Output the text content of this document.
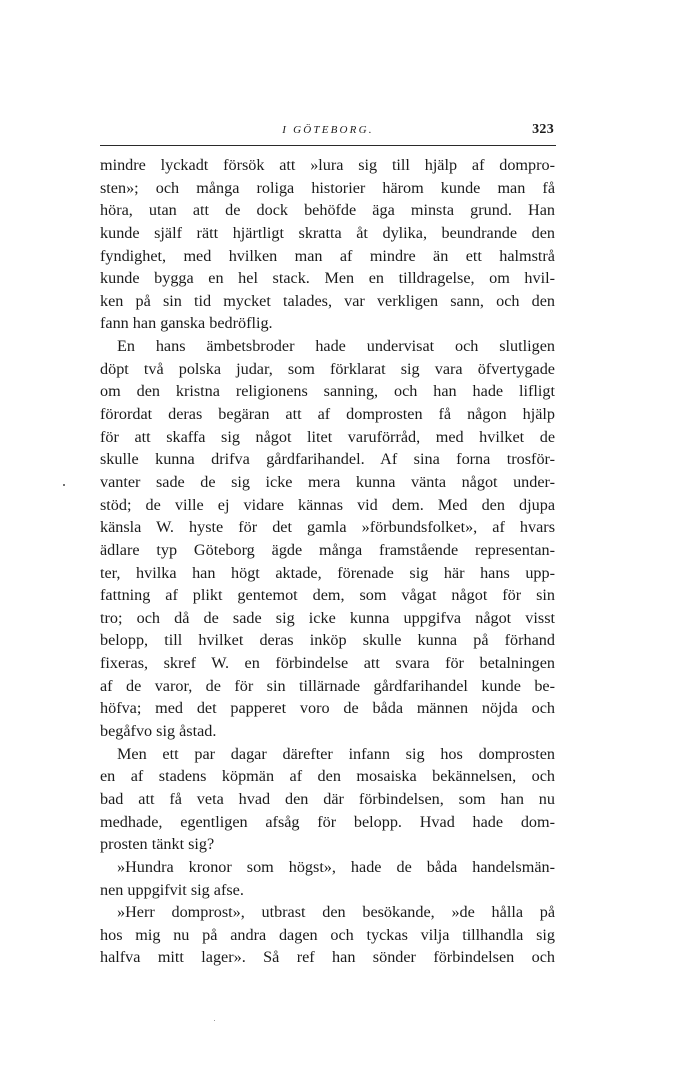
I GÖTEBORG.	323
mindre lyckadt försök att »lura sig till hjälp af dompro-
sten»; och många roliga historier härom kunde man få
höra, utan att de dock behöfde äga minsta grund. Han
kunde själf rätt hjärtligt skratta åt dylika, beundrande den
fyndighet, med hvilken man af mindre än ett halmstrå
kunde bygga en hel stack. Men en tilldragelse, om hvil-
ken på sin tid mycket talades, var verkligen sann, och den
fann han ganska bedröflig.
En hans ämbetsbroder hade undervisat och slutligen
döpt två polska judar, som förklarat sig vara öfvertygade
om den kristna religionens sanning, och han hade lifligt
förordat deras begäran att af domprosten få någon hjälp
för att skaffa sig något litet varuförråd, med hvilket de
skulle kunna drifva gårdfarihandel. Af sina forna trosför-
vanter sade de sig icke mera kunna vänta något under-
stöd; de ville ej vidare kännas vid dem. Med den djupa
känsla W. hyste för det gamla »förbundsfolket», af hvars
ädlare typ Göteborg ägde många framstående representan-
ter, hvilka han högt aktade, förenade sig här hans upp-
fattning af plikt gentemot dem, som vågat något för sin
tro; och då de sade sig icke kunna uppgifva något visst
belopp, till hvilket deras inköp skulle kunna på förhand
fixeras, skref W. en förbindelse att svara för betalningen
af de varor, de för sin tillärnade gårdfarihandel kunde be-
höfva; med det papperet voro de båda männen nöjda och
begåfvo sig åstad.
Men ett par dagar därefter infann sig hos domprosten
en af stadens köpmän af den mosaiska bekännelsen, och
bad att få veta hvad den där förbindelsen, som han nu
medhade, egentligen afsåg för belopp. Hvad hade dom-
prosten tänkt sig?
»Hundra kronor som högst», hade de båda handelsmän-
nen uppgifvit sig afse.
»Herr domprost», utbrast den besökande, »de hålla på
hos mig nu på andra dagen och tyckas vilja tillhandla sig
halfva mitt lager». Så ref han sönder förbindelsen och
